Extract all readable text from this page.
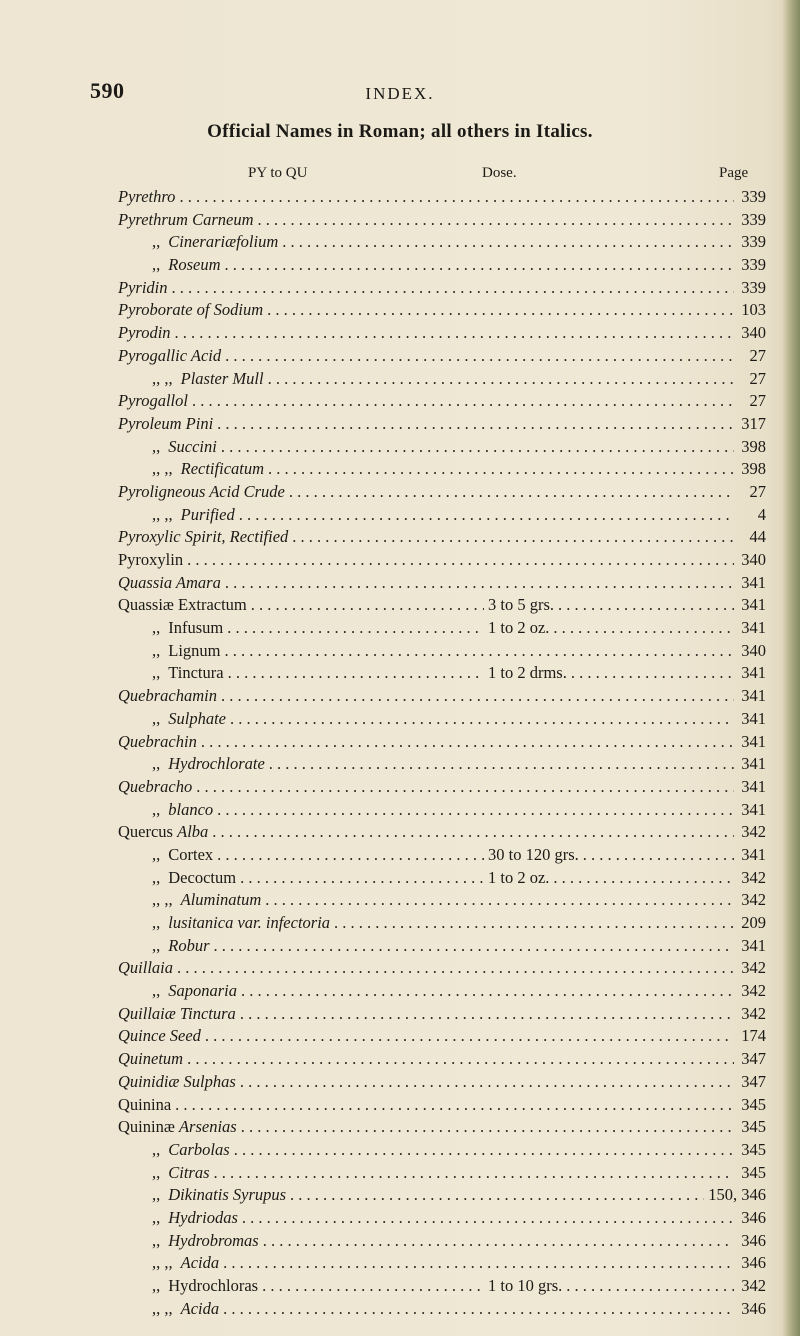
590	INDEX.
Official Names in Roman; all others in Italics.
PY to QU	Dose.	Page
Pyrethro . . .	339
Pyrethrum Carneum . . .	339
,, Cinerariæfolium . . .	339
,, Roseum . . .	339
Pyridin . . .	339
Pyroborate of Sodium . . .	103
Pyrodin . . .	340
Pyrogallic Acid . . .	27
,, ,, Plaster Mull . . .	27
Pyrogallol . . .	27
Pyroleum Pini . . .	317
,, Succini . . .	398
,, ,, Rectificatum . . .	398
Pyroligneous Acid Crude . . .	27
,, ,, Purified . . .	4
Pyroxylic Spirit, Rectified . . .	44
Pyroxylin . . .	340
Quassia Amara . . .	341
Quassiæ Extractum . . .	3 to 5 grs. . . .	341
,, Infusum . . .	1 to 2 oz. . . .	341
,, Lignum . . .	340
,, Tinctura . . .	1 to 2 drms. . . .	341
Quebrachamin . . .	341
,, Sulphate . . .	341
Quebrachin . . .	341
,, Hydrochlorate . . .	341
Quebracho . . .	341
,, blanco . . .	341
Quercus Alba . . .	342
,, Cortex . . .	30 to 120 grs. . . .	341
,, Decoctum . . .	1 to 2 oz. . . .	342
,, ,, Aluminatum . . .	342
,, lusitanica var. infectoria . . .	209
,, Robur . . .	341
Quillaia . . .	342
,, Saponaria . . .	342
Quillaiæ Tinctura . . .	342
Quince Seed . . .	174
Quinetum . . .	347
Quinidiæ Sulphas . . .	347
Quinina . . .	345
Quininæ Arsenias . . .	345
,, Carbolas . . .	345
,, Citras . . .	345
,, Dikinatis Syrupus . . .	150, 346
,, Hydriodas . . .	346
,, Hydrobromas . . .	346
,, ,, Acida . . .	346
,, Hydrochloras . . .	1 to 10 grs. . . .	342
,, ,, Acida . . .	346
